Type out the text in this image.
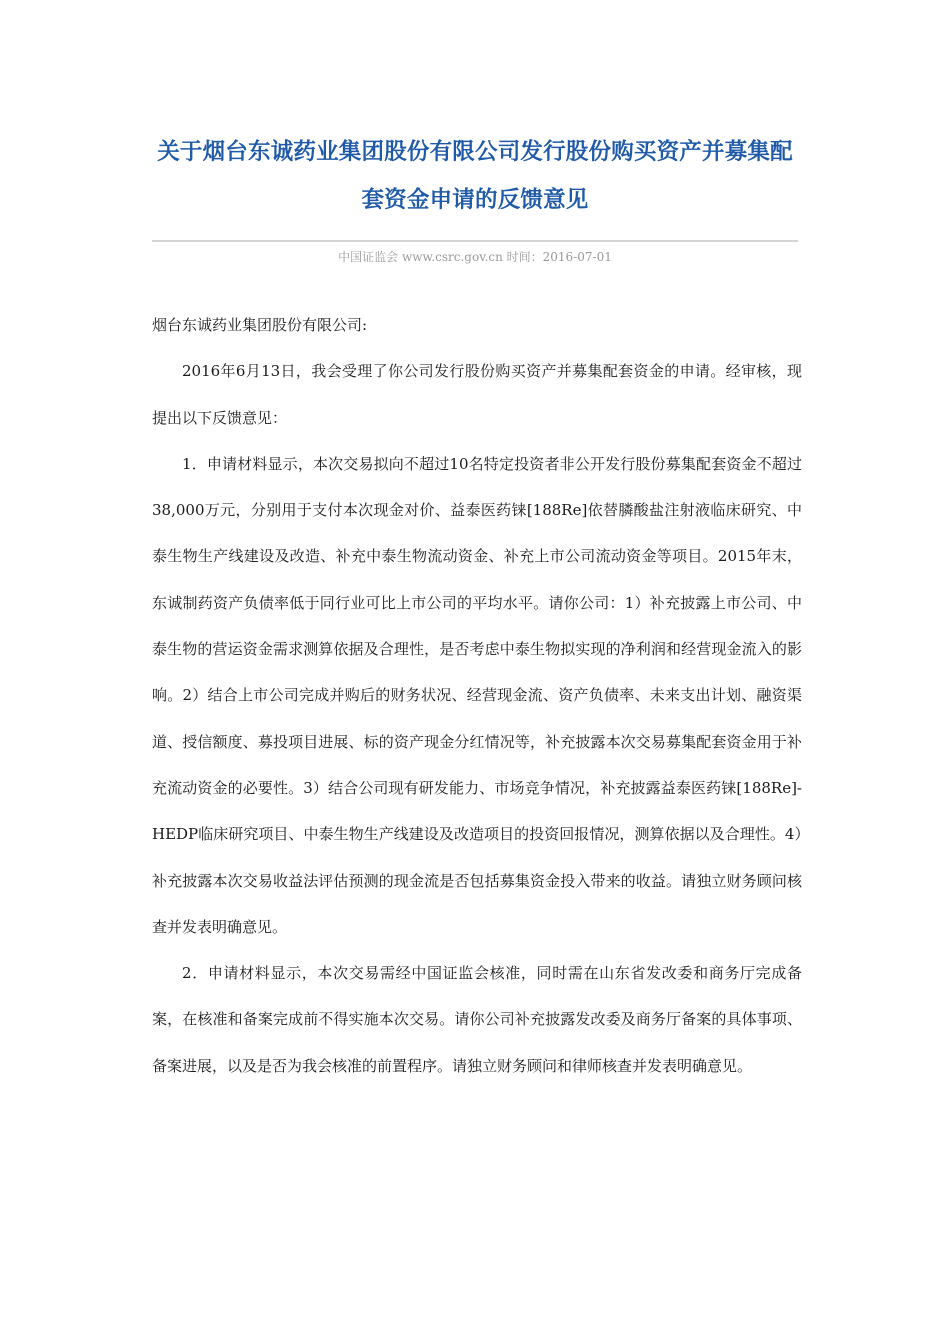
关于烟台东诚药业集团股份有限公司发行股份购买资产并募集配套资金申请的反馈意见
中国证监会 www.csrc.gov.cn 时间：2016-07-01

烟台东诚药业集团股份有限公司:

2016年6月13日，我会受理了你公司发行股份购买资产并募集配套资金的申请。经审核，现提出以下反馈意见：

1．申请材料显示，本次交易拟向不超过10名特定投资者非公开发行股份募集配套资金不超过38,000万元，分别用于支付本次现金对价、益泰医药铼[188Re]依替膦酸盐注射液临床研究、中泰生物生产线建设及改造、补充中泰生物流动资金、补充上市公司流动资金等项目。2015年末，东诚制药资产负债率低于同行业可比上市公司的平均水平。请你公司：1）补充披露上市公司、中泰生物的营运资金需求测算依据及合理性，是否考虑中泰生物拟实现的净利润和经营现金流入的影响。2）结合上市公司完成并购后的财务状况、经营现金流、资产负债率、未来支出计划、融资渠道、授信额度、募投项目进展、标的资产现金分红情况等，补充披露本次交易募集配套资金用于补充流动资金的必要性。3）结合公司现有研发能力、市场竞争情况，补充披露益泰医药铼[188Re]-HEDP临床研究项目、中泰生物生产线建设及改造项目的投资回报情况，测算依据以及合理性。4）补充披露本次交易收益法评估预测的现金流是否包括募集资金投入带来的收益。请独立财务顾问核查并发表明确意见。

2．申请材料显示，本次交易需经中国证监会核准，同时需在山东省发改委和商务厅完成备案，在核准和备案完成前不得实施本次交易。请你公司补充披露发改委及商务厅备案的具体事项、备案进展，以及是否为我会核准的前置程序。请独立财务顾问和律师核查并发表明确意见。
